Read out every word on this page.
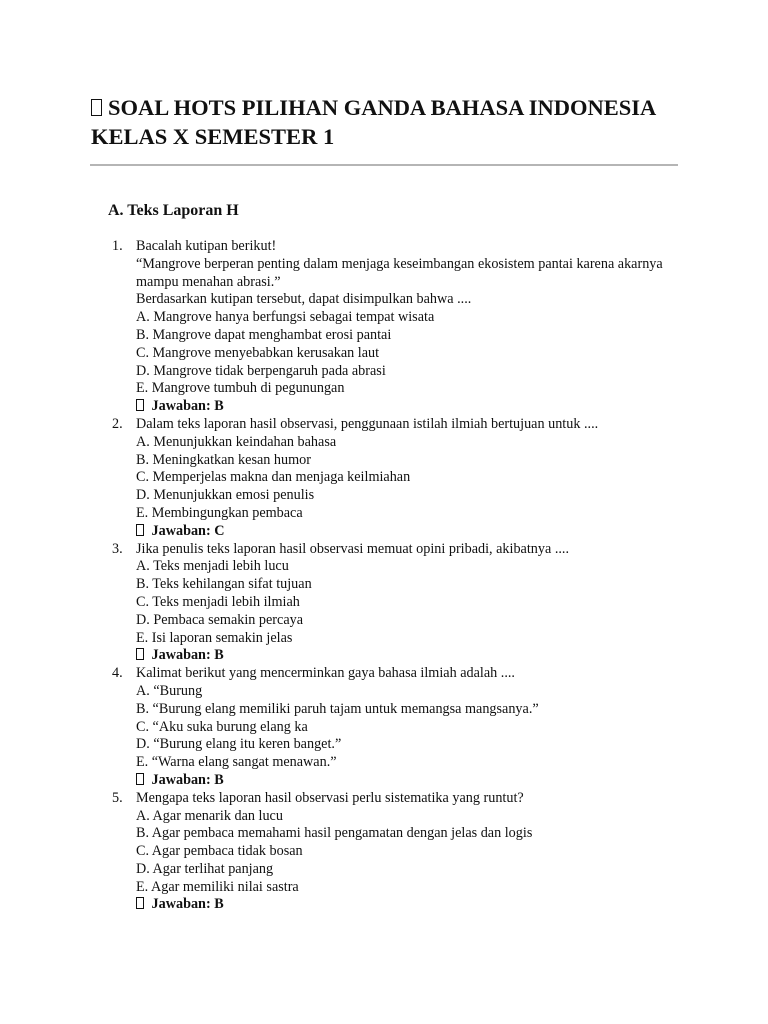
SOAL HOTS PILIHAN GANDA BAHASA INDONESIA KELAS X SEMESTER 1
A. Teks Laporan H
1. Bacalah kutipan berikut!
“Mangrove berperan penting dalam menjaga keseimbangan ekosistem pantai karena akarnya mampu menahan abrasi.”
Berdasarkan kutipan tersebut, dapat disimpulkan bahwa ....
A. Mangrove hanya berfungsi sebagai tempat wisata
B. Mangrove dapat menghambat erosi pantai
C. Mangrove menyebabkan kerusakan laut
D. Mangrove tidak berpengaruh pada abrasi
E. Mangrove tumbuh di pegunungan
Jawaban: B
2. Dalam teks laporan hasil observasi, penggunaan istilah ilmiah bertujuan untuk ....
A. Menunjukkan keindahan bahasa
B. Meningkatkan kesan humor
C. Memperjelas makna dan menjaga keilmiahan
D. Menunjukkan emosi penulis
E. Membingungkan pembaca
Jawaban: C
3. Jika penulis teks laporan hasil observasi memuat opini pribadi, akibatnya ....
A. Teks menjadi lebih lucu
B. Teks kehilangan sifat tujuan
C. Teks menjadi lebih ilmiah
D. Pembaca semakin percaya
E. Isi laporan semakin jelas
Jawaban: B
4. Kalimat berikut yang mencerminkan gaya bahasa ilmiah adalah ....
A. “Burung
B. “Burung elang memiliki paruh tajam untuk memangsa mangsanya.”
C. “Aku suka burung elang ka
D. “Burung elang itu keren banget.”
E. “Warna elang sangat menawan.”
Jawaban: B
5. Mengapa teks laporan hasil observasi perlu sistematika yang runtut?
A. Agar menarik dan lucu
B. Agar pembaca memahami hasil pengamatan dengan jelas dan logis
C. Agar pembaca tidak bosan
D. Agar terlihat panjang
E. Agar memiliki nilai sastra
Jawaban: B
